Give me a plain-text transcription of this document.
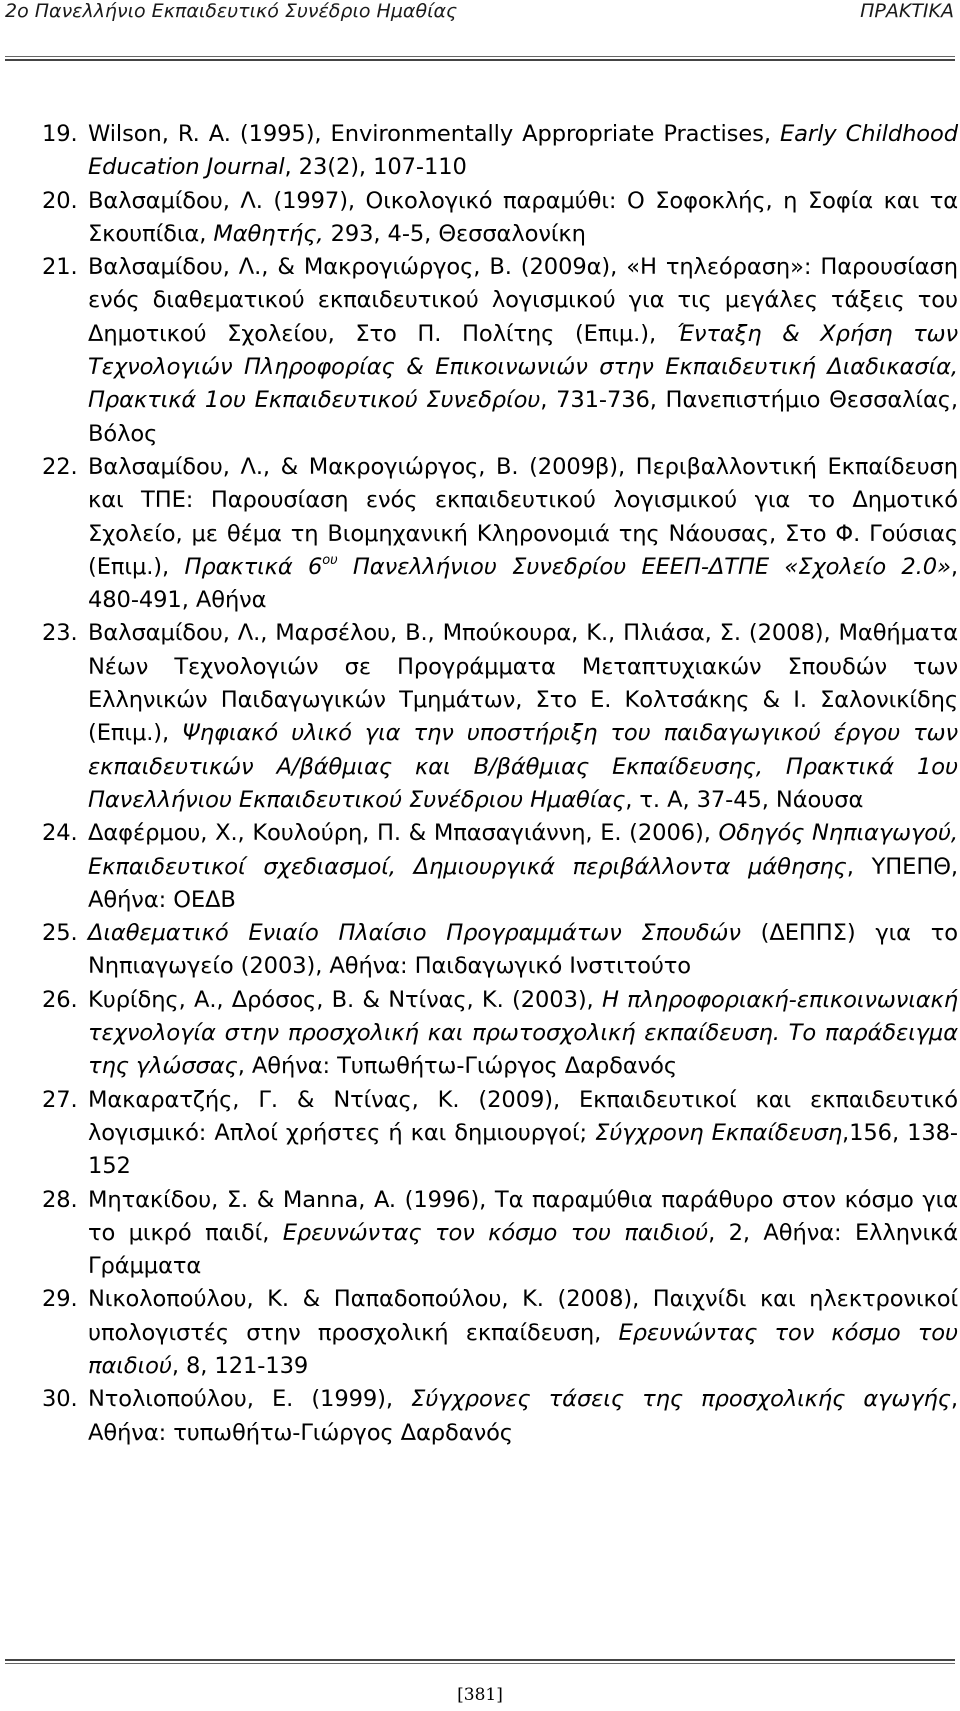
2ο Πανελλήνιο Εκπαιδευτικό Συνέδριο Ημαθίας	ΠΡΑΚΤΙΚΑ
19. Wilson, R. A. (1995), Environmentally Appropriate Practises, Early Childhood Education Journal, 23(2), 107-110
20. Βαλσαμίδου, Λ. (1997), Οικολογικό παραμύθι: Ο Σοφοκλής, η Σοφία και τα Σκουπίδια, Μαθητής, 293, 4-5, Θεσσαλονίκη
21. Βαλσαμίδου, Λ., & Μακρογιώργος, Β. (2009α), «Η τηλεόραση»: Παρουσίαση ενός διαθεματικού εκπαιδευτικού λογισμικού για τις μεγάλες τάξεις του Δημοτικού Σχολείου, Στο Π. Πολίτης (Επιμ.), Ένταξη & Χρήση των Τεχνολογιών Πληροφορίας & Επικοινωνιών στην Εκπαιδευτική Διαδικασία, Πρακτικά 1ου Εκπαιδευτικού Συνεδρίου, 731-736, Πανεπιστήμιο Θεσσαλίας, Βόλος
22. Βαλσαμίδου, Λ., & Μακρογιώργος, Β. (2009β), Περιβαλλοντική Εκπαίδευση και ΤΠΕ: Παρουσίαση ενός εκπαιδευτικού λογισμικού για το Δημοτικό Σχολείο, με θέμα τη Βιομηχανική Κληρονομιά της Νάουσας, Στο Φ. Γούσιας (Επιμ.), Πρακτικά $6^{o\upsilon}$ Πανελλήνιου Συνεδρίου ΕΕΕΠ-ΔΤΠΕ «Σχολείο 2.0», 480-491, Αθήνα
23. Βαλσαμίδου, Λ., Μαρσέλου, Β., Μπούκουρα, Κ., Πλιάσα, Σ. (2008), Μαθήματα Νέων Τεχνολογιών σε Προγράμματα Μεταπτυχιακών Σπουδών των Ελληνικών Παιδαγωγικών Τμημάτων, Στο Ε. Κολτσάκης & Ι. Σαλονικίδης (Επιμ.), Ψηφιακό υλικό για την υποστήριξη του παιδαγωγικού έργου των εκπαιδευτικών Α/βάθμιας και Β/βάθμιας Εκπαίδευσης, Πρακτικά 1ου Πανελλήνιου Εκπαιδευτικού Συνέδριου Ημαθίας, τ. Α, 37-45, Νάουσα
24. Δαφέρμου, Χ., Κουλούρη, Π. & Μπασαγιάννη, Ε. (2006), Οδηγός Νηπιαγωγού, Εκπαιδευτικοί σχεδιασμοί, Δημιουργικά περιβάλλοντα μάθησης, ΥΠΕΠΘ, Αθήνα: ΟΕΔΒ
25. Διαθεματικό Ενιαίο Πλαίσιο Προγραμμάτων Σπουδών (ΔΕΠΠΣ) για το Νηπιαγωγείο (2003), Αθήνα: Παιδαγωγικό Ινστιτούτο
26. Κυρίδης, Α., Δρόσος, Β. & Ντίνας, Κ. (2003), Η πληροφοριακή-επικοινωνιακή τεχνολογία στην προσχολική και πρωτοσχολική εκπαίδευση. Το παράδειγμα της γλώσσας, Αθήνα: Τυπωθήτω-Γιώργος Δαρδανός
27. Μακαρατζής, Γ. & Ντίνας, Κ. (2009), Εκπαιδευτικοί και εκπαιδευτικό λογισμικό: Απλοί χρήστες ή και δημιουργοί; Σύγχρονη Εκπαίδευση,156, 138-152
28. Μητακίδου, Σ. & Manna, A. (1996), Τα παραμύθια παράθυρο στον κόσμο για το μικρό παιδί, Ερευνώντας τον κόσμο του παιδιού, 2, Αθήνα: Ελληνικά Γράμματα
29. Νικολοπούλου, Κ. & Παπαδοπούλου, Κ. (2008), Παιχνίδι και ηλεκτρονικοί υπολογιστές στην προσχολική εκπαίδευση, Ερευνώντας τον κόσμο του παιδιού, 8, 121-139
30. Ντολιοπούλου, Ε. (1999), Σύγχρονες τάσεις της προσχολικής αγωγής, Αθήνα: τυπωθήτω-Γιώργος Δαρδανός
[381]
